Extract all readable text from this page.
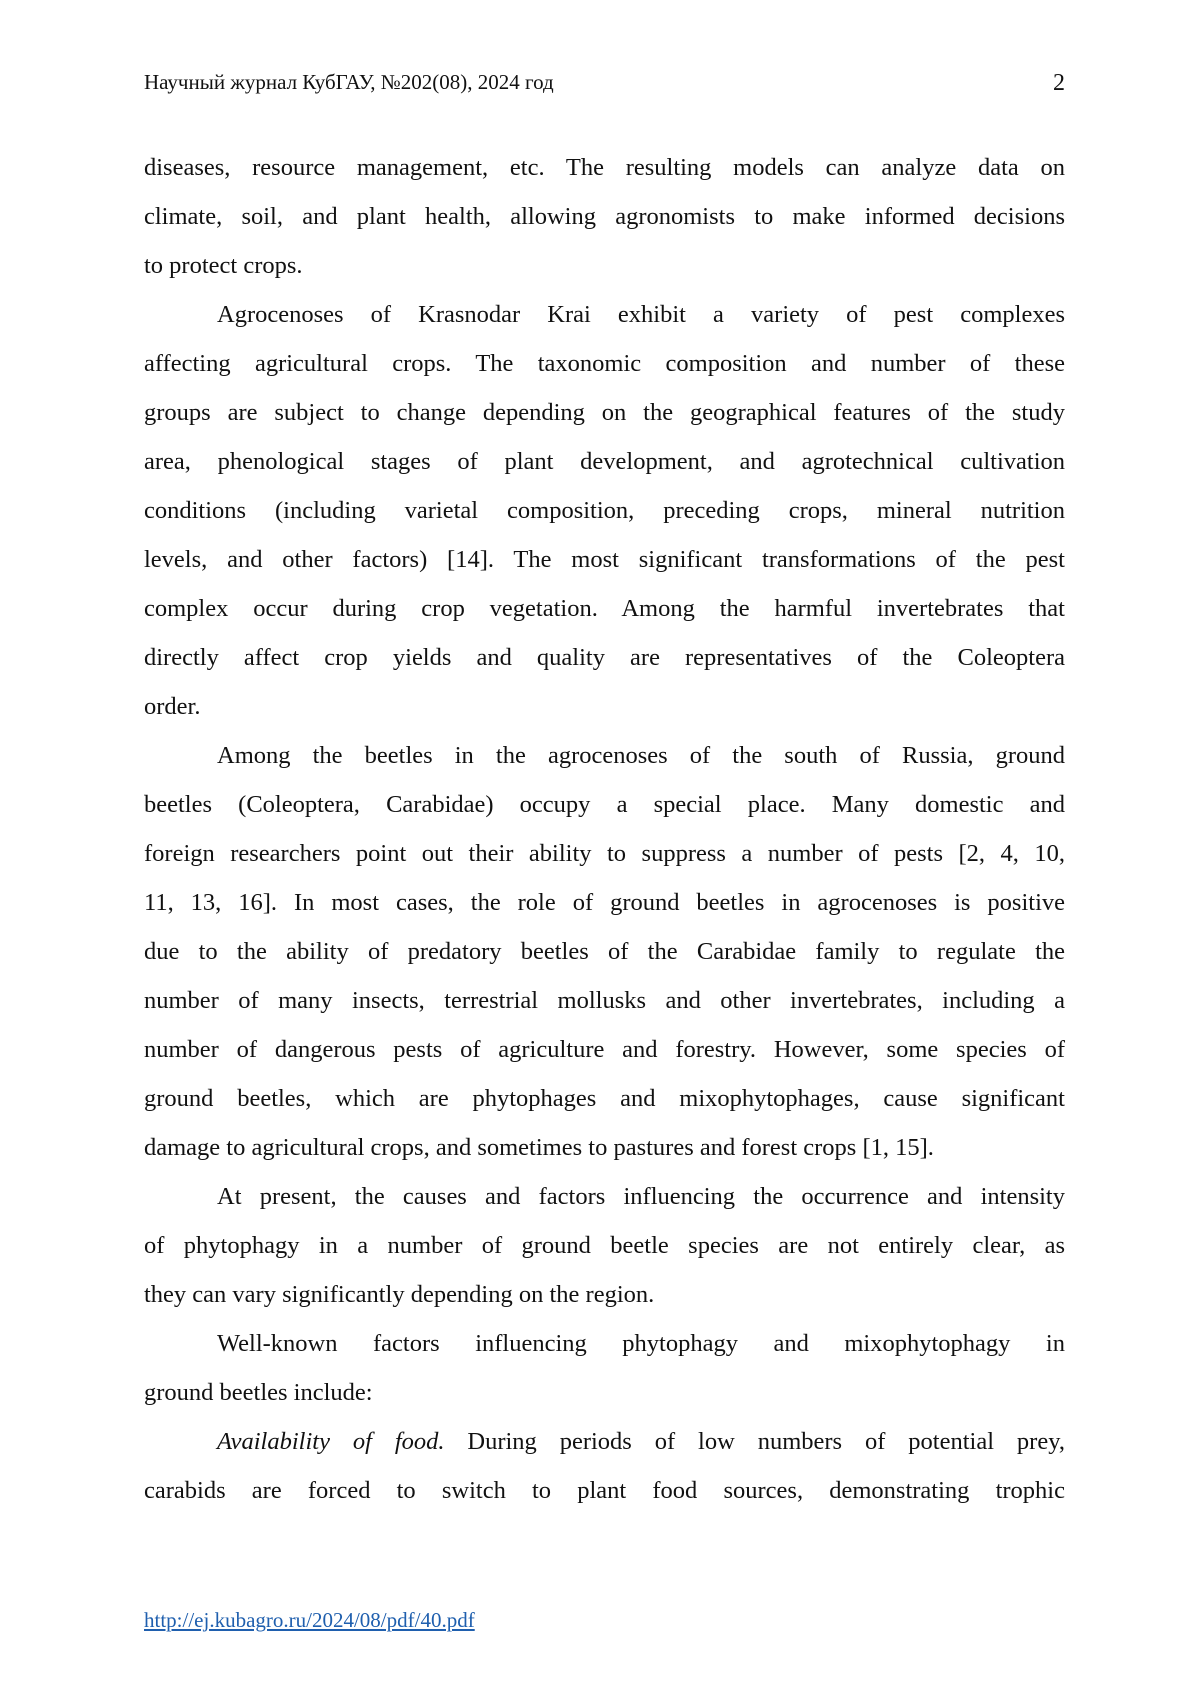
Научный журнал КубГАУ, №202(08), 2024 год	2
diseases, resource management, etc. The resulting models can analyze data on
climate, soil, and plant health, allowing agronomists to make informed decisions
to protect crops.
Agrocenoses of Krasnodar Krai exhibit a variety of pest complexes
affecting agricultural crops. The taxonomic composition and number of these
groups are subject to change depending on the geographical features of the study
area, phenological stages of plant development, and agrotechnical cultivation
conditions (including varietal composition, preceding crops, mineral nutrition
levels, and other factors) [14]. The most significant transformations of the pest
complex occur during crop vegetation. Among the harmful invertebrates that
directly affect crop yields and quality are representatives of the Coleoptera
order.
Among the beetles in the agrocenoses of the south of Russia, ground
beetles (Coleoptera, Carabidae) occupy a special place. Many domestic and
foreign researchers point out their ability to suppress a number of pests [2, 4, 10,
11, 13, 16]. In most cases, the role of ground beetles in agrocenoses is positive
due to the ability of predatory beetles of the Carabidae family to regulate the
number of many insects, terrestrial mollusks and other invertebrates, including a
number of dangerous pests of agriculture and forestry. However, some species of
ground beetles, which are phytophages and mixophytophages, cause significant
damage to agricultural crops, and sometimes to pastures and forest crops [1, 15].
At present, the causes and factors influencing the occurrence and intensity
of phytophagy in a number of ground beetle species are not entirely clear, as
they can vary significantly depending on the region.
Well-known factors influencing phytophagy and mixophytophagy in
ground beetles include:
Availability of food. During periods of low numbers of potential prey,
carabids are forced to switch to plant food sources, demonstrating trophic
http://ej.kubagro.ru/2024/08/pdf/40.pdf
